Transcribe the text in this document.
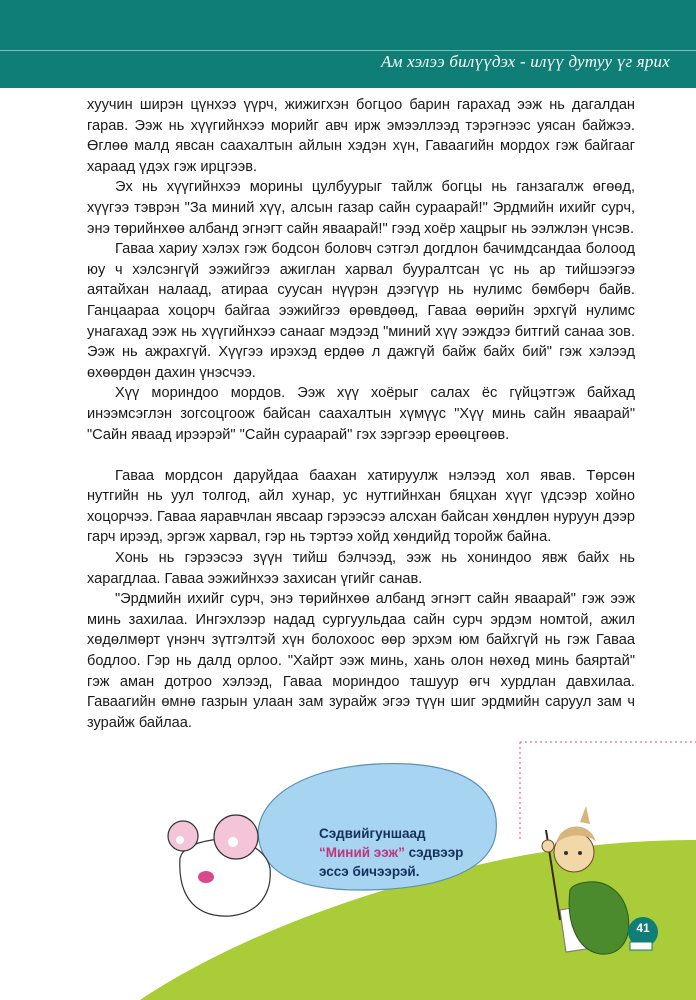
Ам хэлээ билүүдэх - илүү дутуу үг ярих

хуучин ширэн цүнхээ үүрч, жижигхэн богцоо барин гарахад ээж нь дагалдан гарав. Ээж нь хүүгийнхээ морийг авч ирж эмээллээд тэрэгнээс уясан байжээ. Өглөө малд явсан саахалтын айлын хэдэн хүн, Гаваагийн мордох гэж байгааг хараад үдэх гэж ирцгээв.

Эх нь хүүгийнхээ морины цулбуурыг тайлж богцы нь ганзагалж өгөөд, хүүгээ тэврэн "За миний хүү, алсын газар сайн сураарай!" Эрдмийн ихийг сурч, энэ төрийнхөө албанд эгнэгт сайн яваарай!" гээд хоёр хацрыг нь ээлжлэн үнсэв.

Гаваа хариу хэлэх гэж бодсон боловч сэтгэл догдлон бачимдсандаа болоод юу ч хэлсэнгүй ээжийгээ ажиглан харвал буурaлтсан үс нь ар тийшээгээ аятайхан налаад, атираа суусан нүүрэн дээгүүр нь нулимс бөмбөрч байв. Ганцаараа хоцорч байгаа ээжийгээ өрөвдөөд, Гаваа өөрийн эрхгүй нулимс унагахад ээж нь хүүгийнхээ санааг мэдээд "миний хүү ээждээ битгий санаа зов. Ээж нь ажрахгүй. Хүүгээ ирэхэд ердөө л дажгүй байж байх бий" гэж хэлээд өхөөрдөн дахин үнэсчээ.

Хүү мориндоо мордов. Ээж хүү хоёрыг салах ёс гүйцэтгэж байхад инээмсэглэн зогсоцгоож байсан саахалтын хүмүүс "Хүү минь сайн яваарай" "Сайн яваад ирээрэй" "Сайн сураарай" гэх зэргээр ерөөцгөөв.

Гаваа мордсон даруйдаа баахан хатируулж нэлээд хол явав. Төрсөн нутгийн нь уул толгод, айл хунар, ус нутгийнхан бяцхан хүүг үдсээр хойно хоцорчээ. Гаваа яаравчлан явсаар гэрээсээ алсхан байсан хөндлөн нуруун дээр гарч ирээд, эргэж харвал, гэр нь тэртээ хойд хөндийд торойж байна.

Хонь нь гэрээсээ зүүн тийш бэлчээд, ээж нь хониндоо явж байх нь харагдлаа. Гаваа ээжийнхээ захисан үгийг санав.

"Эрдмийн ихийг сурч, энэ төрийнхөө албанд эгнэгт сайн яваарай" гэж ээж минь захилаа. Ингэхлээр надад сургуульдаа сайн сурч эрдэм номтой, ажил хөдөлмөрт үнэнч зүтгэлтэй хүн болохоос өөр эрхэм юм байхгүй нь гэж Гаваа бодлоо. Гэр нь далд орлоо. "Хайрт ээж минь, хань олон нөхөд минь баяртай" гэж аман дотроо хэлээд, Гаваа мориндоо ташуур өгч хурдлан давхилаа. Гаваагийн өмнө газрын улаан зам зурайж эгээ түүн шиг эрдмийн саруул зам ч зурайж байлаа.

Сэдвийг уншаад
“Миний ээж” сэдвээр
эссэ бичээрэй.
41
